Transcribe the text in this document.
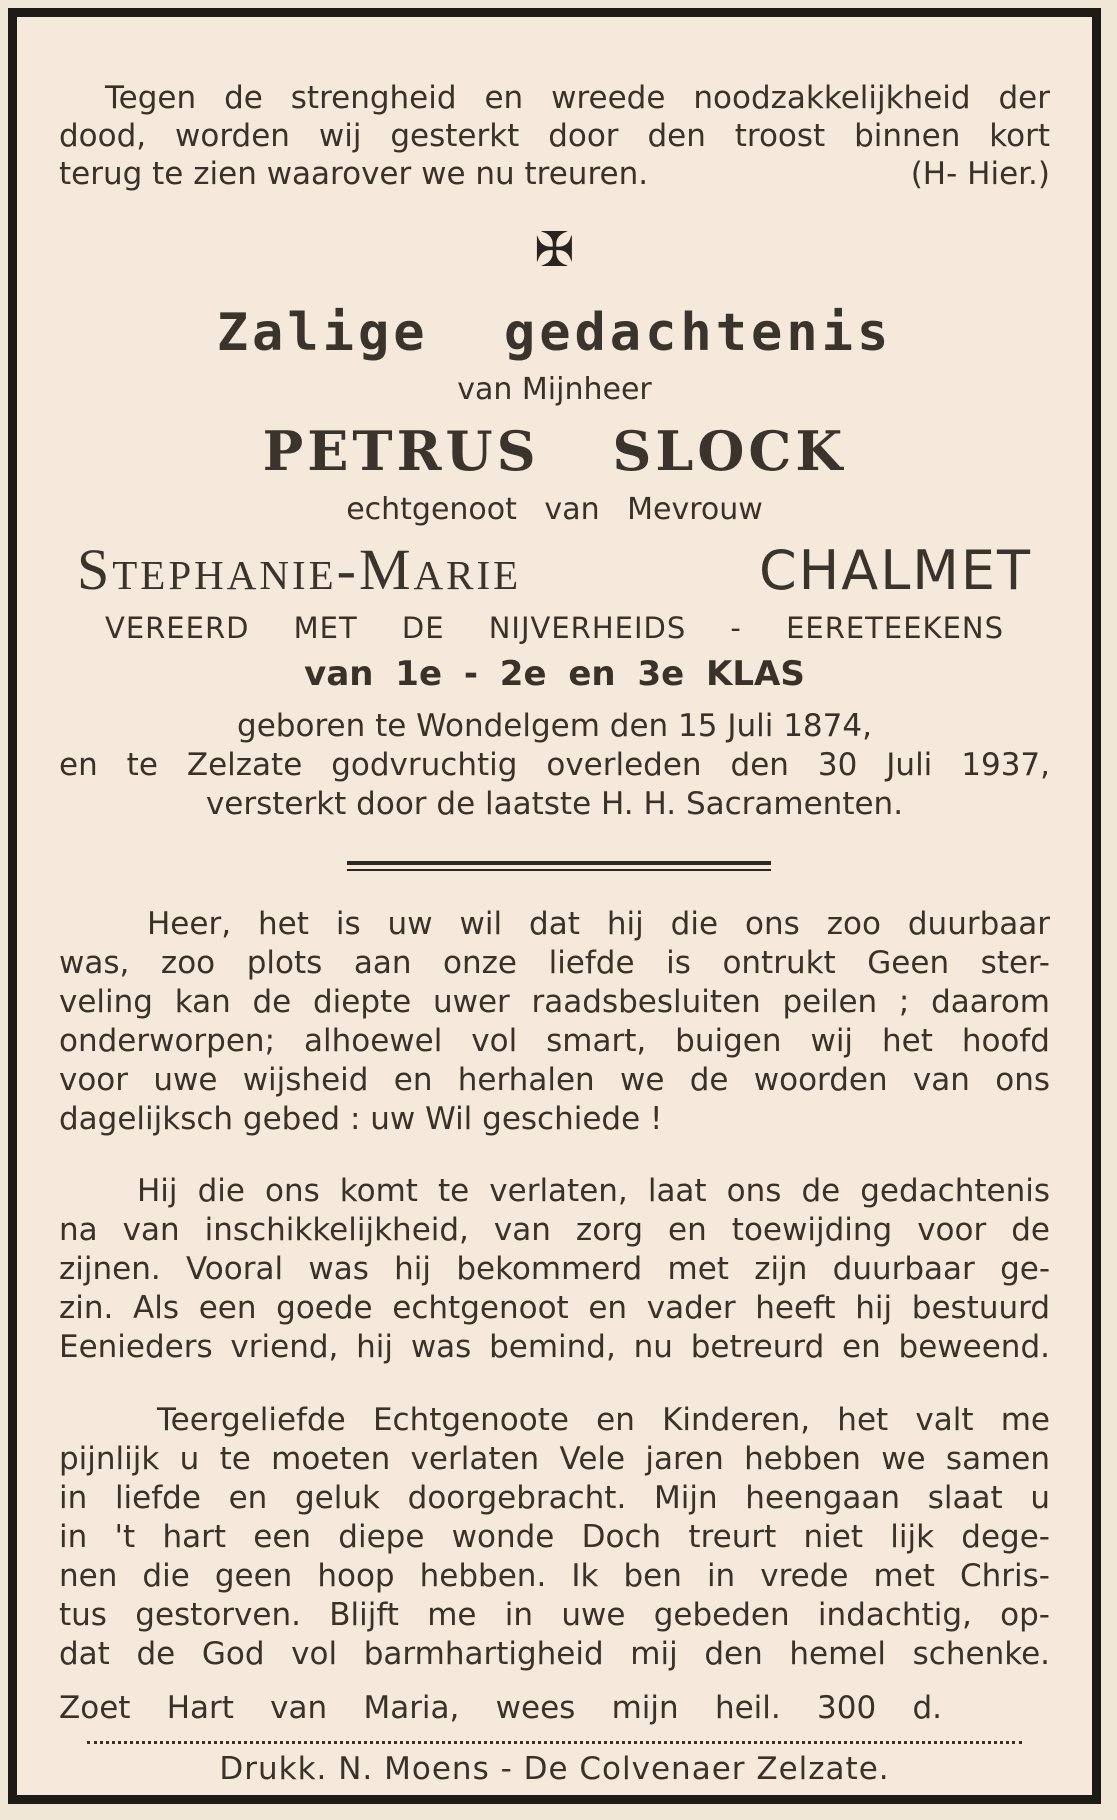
Tegen de strengheid en wreede noodzakkelijkheid der
dood, worden wij gesterkt door den troost binnen kort
terug te zien waarover we nu treuren.	(H- Hier.)
✠
Zalige gedachtenis
van Mijnheer
PETRUS SLOCK
echtgenoot van Mevrouw
Stephanie-Marie	CHALMET
VEREERD MET DE NIJVERHEIDS - EERETEEKENS
van 1e - 2e en 3e KLAS
geboren te Wondelgem den 15 Juli 1874,
en te Zelzate godvruchtig overleden den 30 Juli 1937,
versterkt door de laatste H. H. Sacramenten.
Heer, het is uw wil dat hij die ons zoo duurbaar
was, zoo plots aan onze liefde is ontrukt Geen ster-
veling kan de diepte uwer raadsbesluiten peilen ; daarom
onderworpen; alhoewel vol smart, buigen wij het hoofd
voor uwe wijsheid en herhalen we de woorden van ons
dagelijksch gebed : uw Wil geschiede !
Hij die ons komt te verlaten, laat ons de gedachtenis
na van inschikkelijkheid, van zorg en toewijding voor de
zijnen. Vooral was hij bekommerd met zijn duurbaar ge-
zin. Als een goede echtgenoot en vader heeft hij bestuurd
Eenieders vriend, hij was bemind, nu betreurd en beweend.
Teergeliefde Echtgenoote en Kinderen, het valt me
pijnlijk u te moeten verlaten Vele jaren hebben we samen
in liefde en geluk doorgebracht. Mijn heengaan slaat u
in 't hart een diepe wonde Doch treurt niet lijk dege-
nen die geen hoop hebben. Ik ben in vrede met Chris-
tus gestorven. Blijft me in uwe gebeden indachtig, op-
dat de God vol barmhartigheid mij den hemel schenke.
Zoet Hart van Maria, wees mijn heil. 300 d.
Drukk. N. Moens - De Colvenaer Zelzate.
